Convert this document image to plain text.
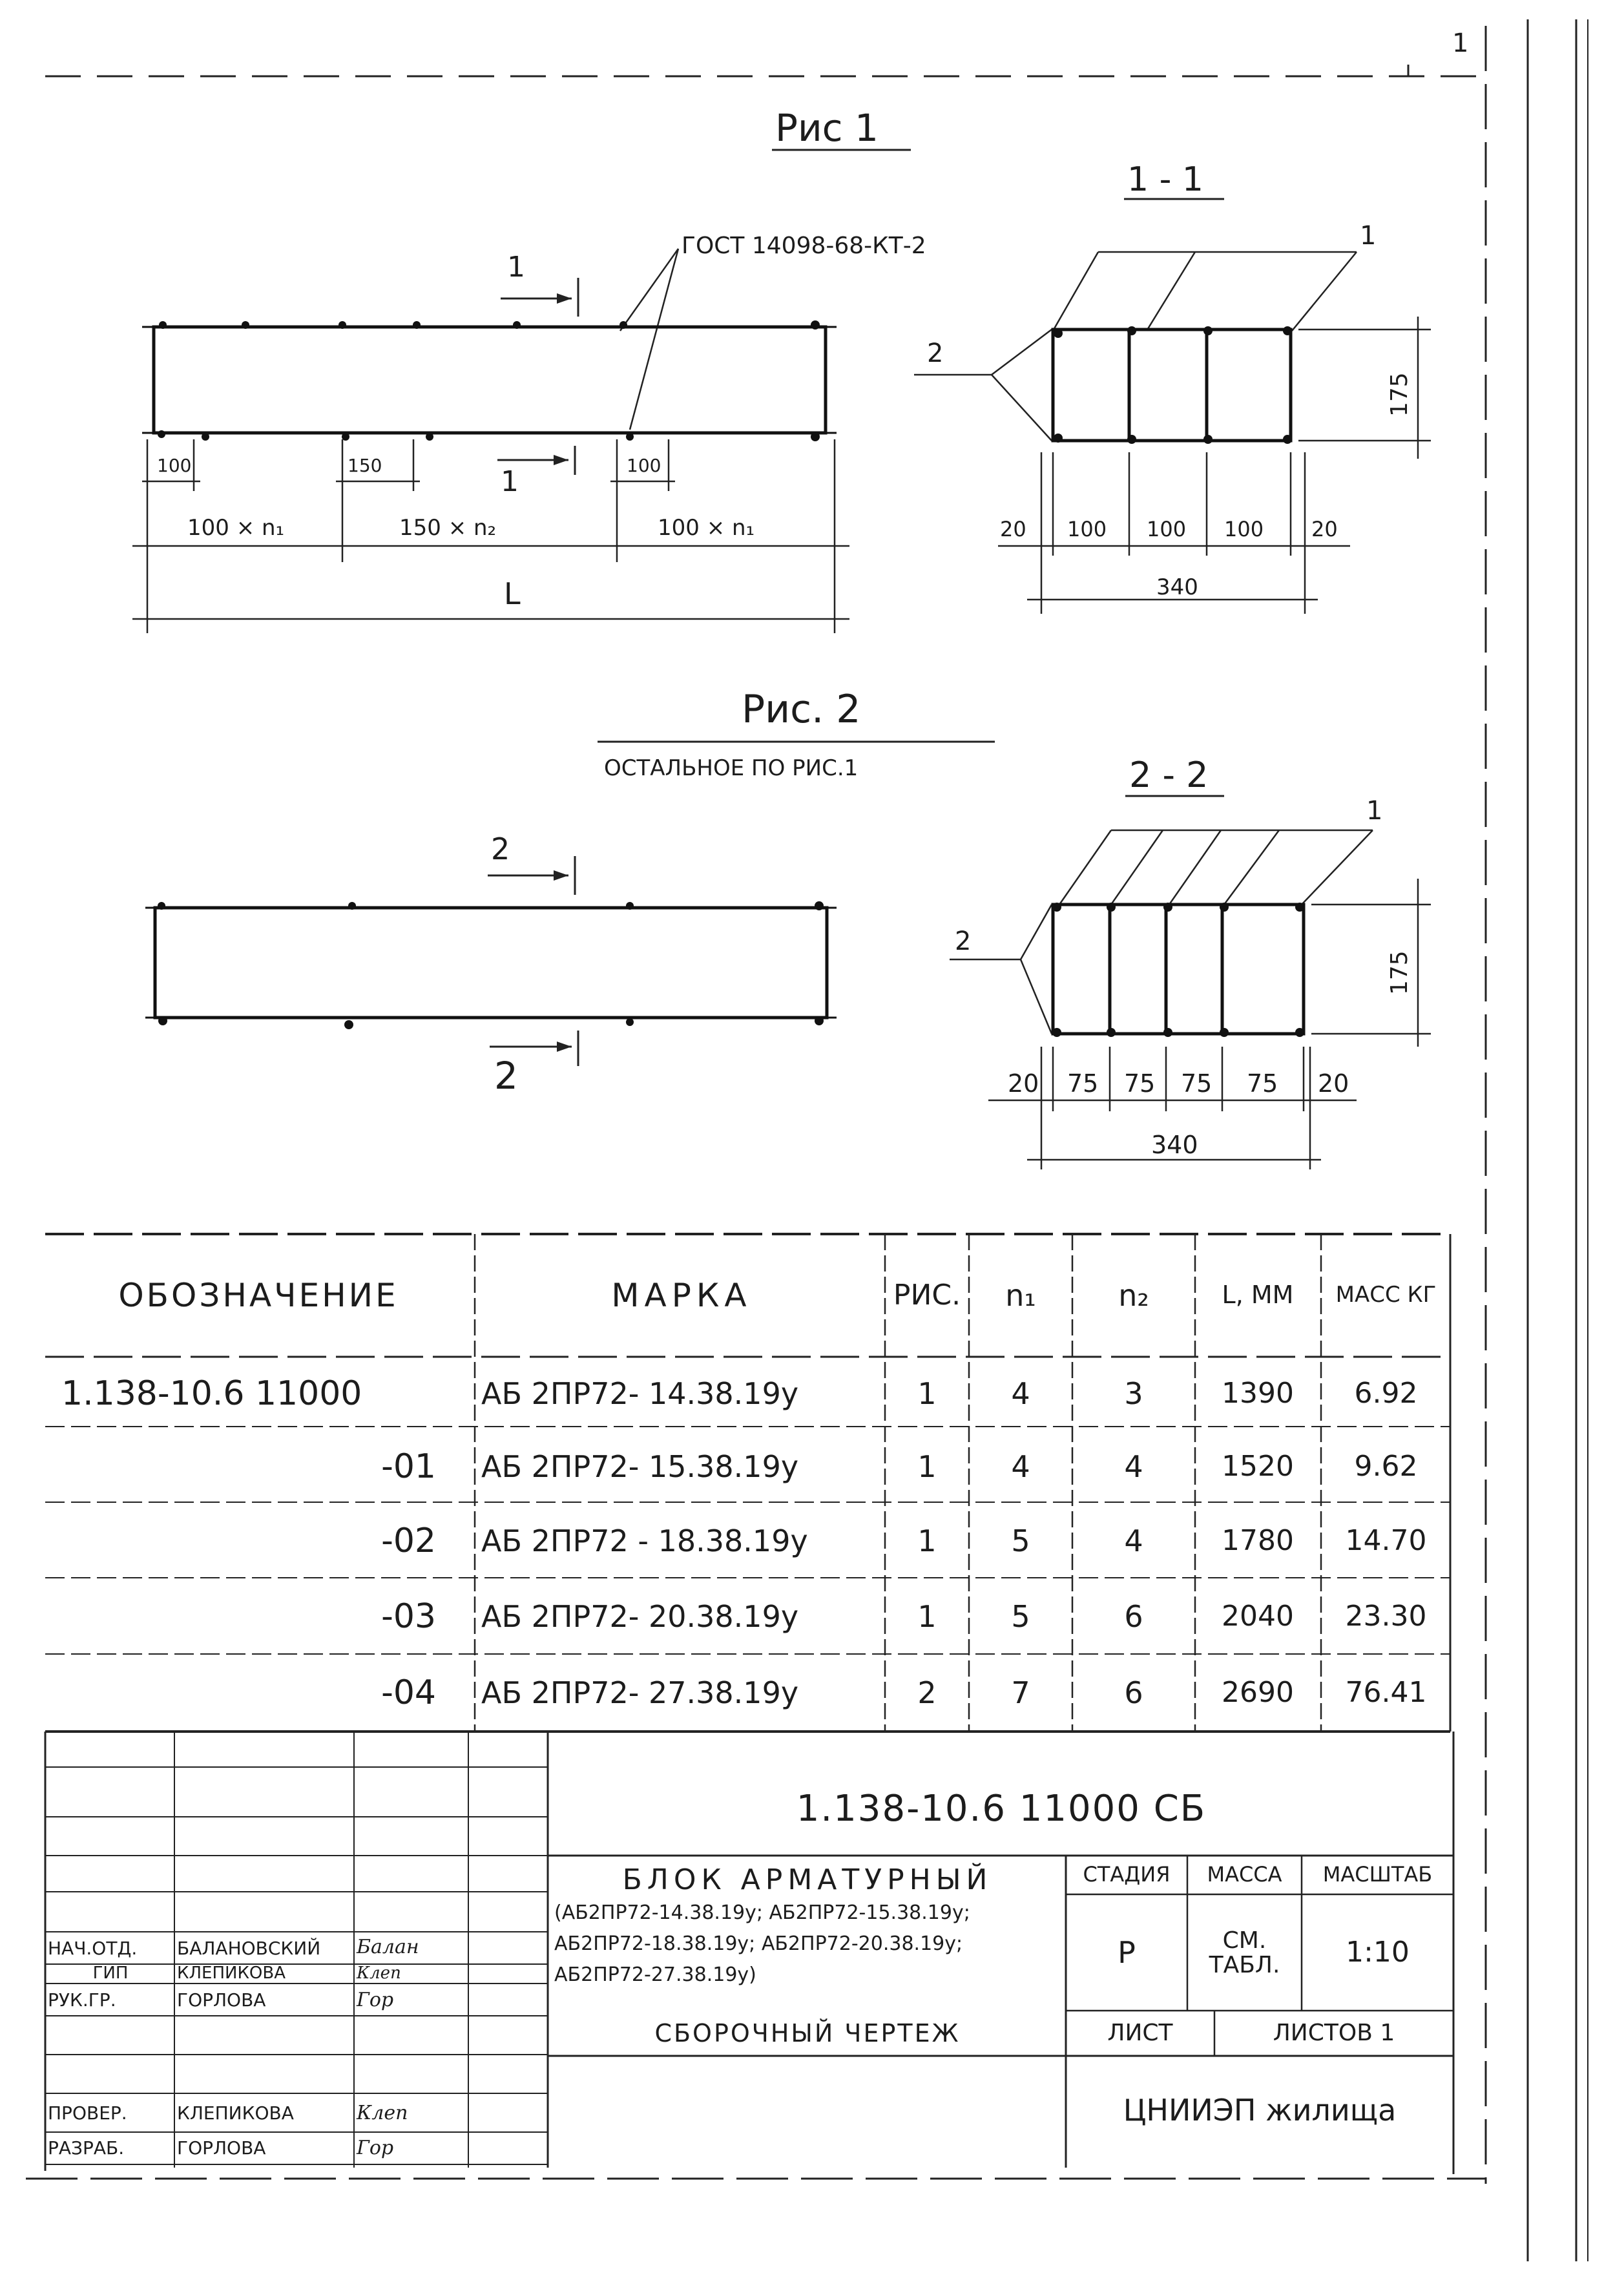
1
Рис 1
ГОСТ 14098-68-КТ-2
1
1
100	150	100
100 × n₁	150 × n₂	100 × n₁
L
1 - 1
1
2
175
20 100 100 100 20
340
Рис. 2
ОСТАЛЬНОЕ ПО РИС.1
2
2
2 - 2
1
2
175
20 75 75 75 75 20
340
ОБОЗНАЧЕНИЕ	МАРКА	РИС.	n₁	n₂	L, ММ	МАСС КГ
1.138-10.6 11000	АБ 2ПР72- 14.38.19у	1	4	3	1390	6.92
-01 АБ 2ПР72- 15.38.19у	1	4	4	1520	9.62
-02 АБ 2ПР72 - 18.38.19у	1	5	4	1780	14.70
-03 АБ 2ПР72- 20.38.19у	1	5	6	2040	23.30
-04 АБ 2ПР72- 27.38.19у	2	7	6	2690	76.41
1.138-10.6 11000 СБ
БЛОК АРМАТУРНЫЙ
(АБ2ПР72-14.38.19у; АБ2ПР72-15.38.19у;
АБ2ПР72-18.38.19у; АБ2ПР72-20.38.19у;
АБ2ПР72-27.38.19у)
СБОРОЧНЫЙ ЧЕРТЕЖ
СТАДИЯ	МАССА	МАСШТАБ
Р	СМ. ТАБЛ.	1:10
ЛИСТ	ЛИСТОВ 1
ЦНИИЭП жилища
НАЧ.ОТД.	БАЛАНОВСКИЙ	Балан
ГИП	КЛЕПИКОВА	Клеп
РУК.ГР.	ГОРЛОВА	Гор
ПРОВЕР.	КЛЕПИКОВА	Клеп
РАЗРАБ.	ГОРЛОВА	Гор
